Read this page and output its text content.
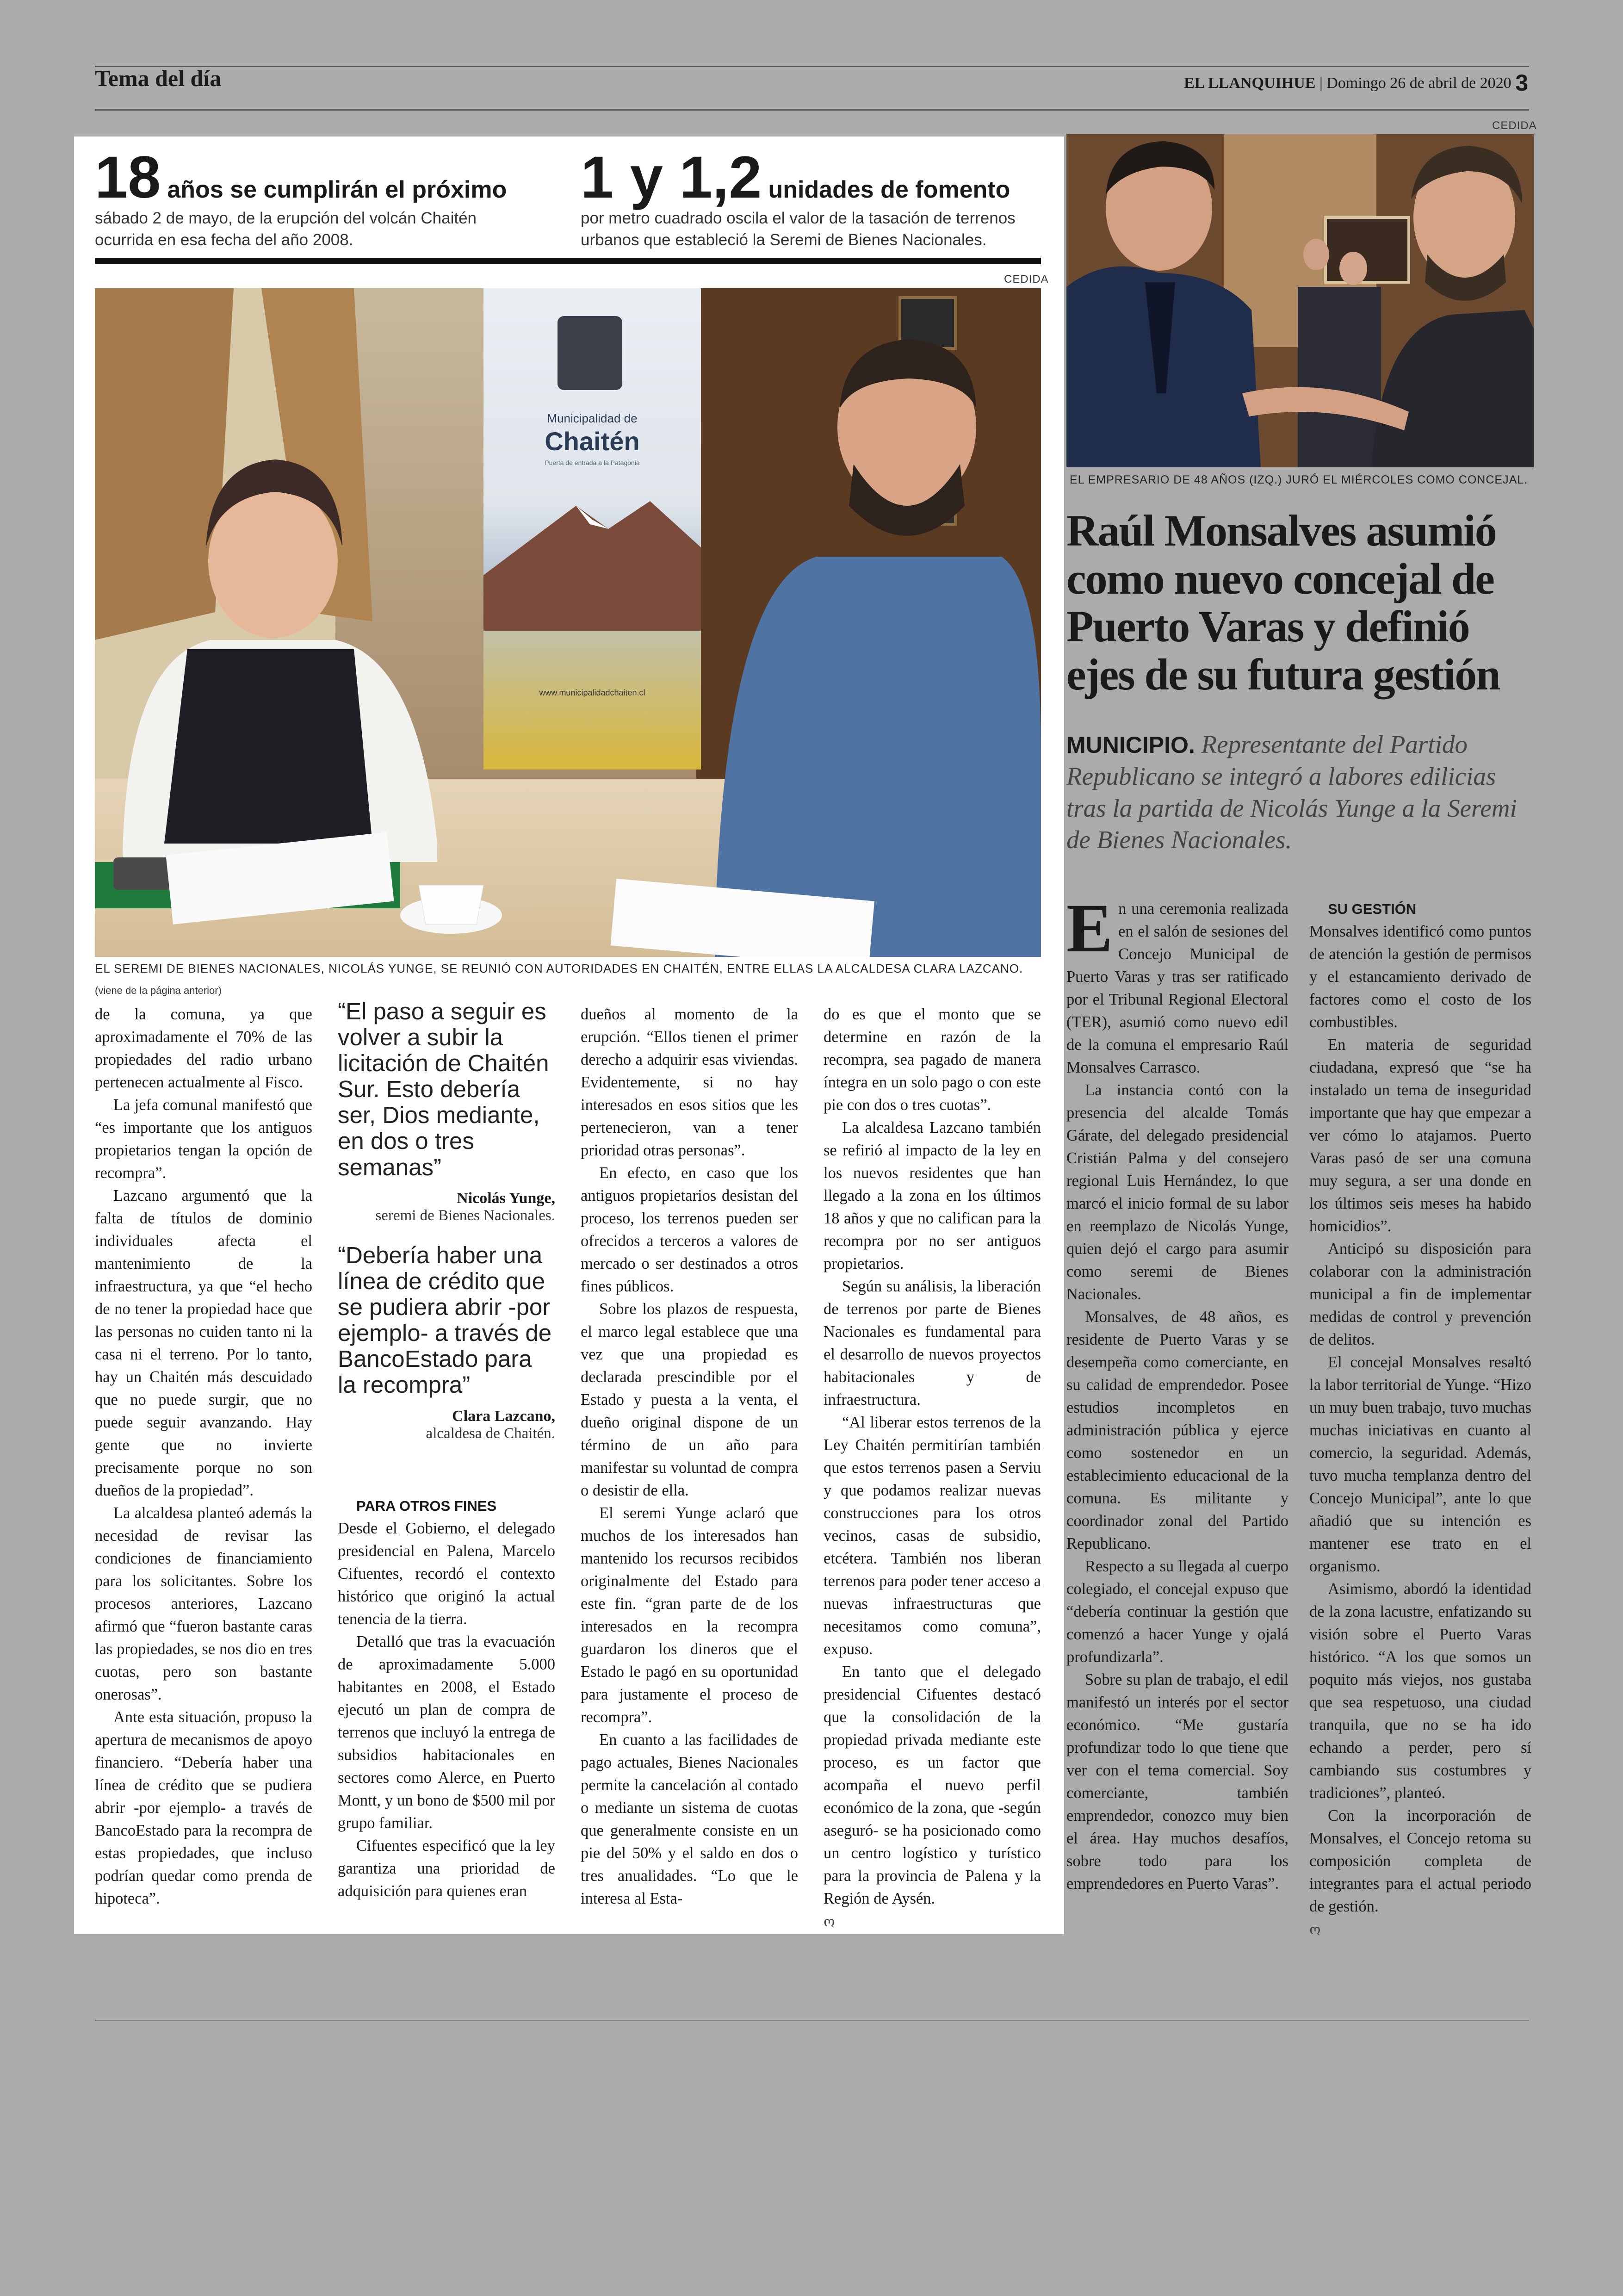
Tema del día	EL LLANQUIHUE | Domingo 26 de abril de 2020 3
18 años se cumplirán el próximo
sábado 2 de mayo, de la erupción del volcán Chaitén ocurrida en esa fecha del año 2008.
1 y 1,2 unidades de fomento
por metro cuadrado oscila el valor de la tasación de terrenos urbanos que estableció la Seremi de Bienes Nacionales.
CEDIDA
Municipalidad de
Chaitén
Puerta de entrada a la Patagonia
www.municipalidadchaiten.cl
EL SEREMI DE BIENES NACIONALES, NICOLÁS YUNGE, SE REUNIÓ CON AUTORIDADES EN CHAITÉN, ENTRE ELLAS LA ALCALDESA CLARA LAZCANO.
(viene de la página anterior)

de la comuna, ya que aproximadamente el 70% de las propiedades del radio urbano pertenecen actualmente al Fisco.

La jefa comunal manifestó que “es importante que los antiguos propietarios tengan la opción de recompra”.

Lazcano argumentó que la falta de títulos de dominio individuales afecta el mantenimiento de la infraestructura, ya que “el hecho de no tener la propiedad hace que las personas no cuiden tanto ni la casa ni el terreno. Por lo tanto, hay un Chaitén más descuidado que no puede surgir, que no puede seguir avanzando. Hay gente que no invierte precisamente porque no son dueños de la propiedad”.

La alcaldesa planteó además la necesidad de revisar las condiciones de financiamiento para los solicitantes. Sobre los procesos anteriores, Lazcano afirmó que “fueron bastante caras las propiedades, se nos dio en tres cuotas, pero son bastante onerosas”.

Ante esta situación, propuso la apertura de mecanismos de apoyo financiero. “Debería haber una línea de crédito que se pudiera abrir -por ejemplo- a través de BancoEstado para la recompra de estas propiedades, que incluso podrían quedar como prenda de hipoteca”.

“El paso a seguir es volver a subir la licitación de Chaitén Sur. Esto debería ser, Dios mediante, en dos o tres semanas”
Nicolás Yunge,
seremi de Bienes Nacionales.
“Debería haber una línea de crédito que se pudiera abrir -por ejemplo- a través de BancoEstado para la recompra”
Clara Lazcano,
alcaldesa de Chaitén.

PARA OTROS FINES

Desde el Gobierno, el delegado presidencial en Palena, Marcelo Cifuentes, recordó el contexto histórico que originó la actual tenencia de la tierra.

Detalló que tras la evacuación de aproximadamente 5.000 habitantes en 2008, el Estado ejecutó un plan de compra de terrenos que incluyó la entrega de subsidios habitacionales en sectores como Alerce, en Puerto Montt, y un bono de $500 mil por grupo familiar.

Cifuentes especificó que la ley garantiza una prioridad de adquisición para quienes eran

dueños al momento de la erupción. “Ellos tienen el primer derecho a adquirir esas viviendas. Evidentemente, si no hay interesados en esos sitios que les pertenecieron, van a tener prioridad otras personas”.

En efecto, en caso que los antiguos propietarios desistan del proceso, los terrenos pueden ser ofrecidos a terceros a valores de mercado o ser destinados a otros fines públicos.

Sobre los plazos de respuesta, el marco legal establece que una vez que una propiedad es declarada prescindible por el Estado y puesta a la venta, el dueño original dispone de un término de un año para manifestar su voluntad de compra o desistir de ella.

El seremi Yunge aclaró que muchos de los interesados han mantenido los recursos recibidos originalmente del Estado para este fin. “gran parte de de los interesados en la recompra guardaron los dineros que el Estado le pagó en su oportunidad para justamente el proceso de recompra”.

En cuanto a las facilidades de pago actuales, Bienes Nacionales permite la cancelación al contado o mediante un sistema de cuotas que generalmente consiste en un pie del 50% y el saldo en dos o tres anualidades. “Lo que le interesa al Esta-

do es que el monto que se determine en razón de la recompra, sea pagado de manera íntegra en un solo pago o con este pie con dos o tres cuotas”.

La alcaldesa Lazcano también se refirió al impacto de la ley en los nuevos residentes que han llegado a la zona en los últimos 18 años y que no califican para la recompra por no ser antiguos propietarios.

Según su análisis, la liberación de terrenos por parte de Bienes Nacionales es fundamental para el desarrollo de nuevos proyectos habitacionales y de infraestructura.

“Al liberar estos terrenos de la Ley Chaitén permitirían también que estos terrenos pasen a Serviu y que podamos realizar nuevas construcciones para los otros vecinos, casas de subsidio, etcétera. También nos liberan terrenos para poder tener acceso a nuevas infraestructuras que necesitamos como comuna”, expuso.

En tanto que el delegado presidencial Cifuentes destacó que la consolidación de la propiedad privada mediante este proceso, es un factor que acompaña el nuevo perfil económico de la zona, que -según aseguró- se ha posicionado como un centro logístico y turístico para la provincia de Palena y la Región de Aysén.

ო
CEDIDA
EL EMPRESARIO DE 48 AÑOS (IZQ.) JURÓ EL MIÉRCOLES COMO CONCEJAL.
Raúl Monsalves asumió como nuevo concejal de Puerto Varas y definió ejes de su futura gestión
MUNICIPIO. Representante del Partido Republicano se integró a labores edilicias tras la partida de Nicolás Yunge a la Seremi de Bienes Nacionales.

En una ceremonia realizada en el salón de sesiones del Concejo Municipal de Puerto Varas y tras ser ratificado por el Tribunal Regional Electoral (TER), asumió como nuevo edil de la comuna el empresario Raúl Monsalves Carrasco.

La instancia contó con la presencia del alcalde Tomás Gárate, del delegado presidencial Cristián Palma y del consejero regional Luis Hernández, lo que marcó el inicio formal de su labor en reemplazo de Nicolás Yunge, quien dejó el cargo para asumir como seremi de Bienes Nacionales.

Monsalves, de 48 años, es residente de Puerto Varas y se desempeña como comerciante, en su calidad de emprendedor. Posee estudios incompletos en administración pública y ejerce como sostenedor en un establecimiento educacional de la comuna. Es militante y coordinador zonal del Partido Republicano.

Respecto a su llegada al cuerpo colegiado, el concejal expuso que “debería continuar la gestión que comenzó a hacer Yunge y ojalá profundizarla”.

Sobre su plan de trabajo, el edil manifestó un interés por el sector económico. “Me gustaría profundizar todo lo que tiene que ver con el tema comercial. Soy comerciante, también emprendedor, conozco muy bien el área. Hay muchos desafíos, sobre todo para los emprendedores en Puerto Varas”.

SU GESTIÓN

Monsalves identificó como puntos de atención la gestión de permisos y el estancamiento derivado de factores como el costo de los combustibles.

En materia de seguridad ciudadana, expresó que “se ha instalado un tema de inseguridad importante que hay que empezar a ver cómo lo atajamos. Puerto Varas pasó de ser una comuna muy segura, a ser una donde en los últimos seis meses ha habido homicidios”.

Anticipó su disposición para colaborar con la administración municipal a fin de implementar medidas de control y prevención de delitos.

El concejal Monsalves resaltó la labor territorial de Yunge. “Hizo un muy buen trabajo, tuvo muchas muchas iniciativas en cuanto al comercio, la seguridad. Además, tuvo mucha templanza dentro del Concejo Municipal”, ante lo que añadió que su intención es mantener ese trato en el organismo.

Asimismo, abordó la identidad de la zona lacustre, enfatizando su visión sobre el Puerto Varas histórico. “A los que somos un poquito más viejos, nos gustaba que sea respetuoso, una ciudad tranquila, que no se ha ido echando a perder, pero sí cambiando sus costumbres y tradiciones”, planteó.

Con la incorporación de Monsalves, el Concejo retoma su composición completa de integrantes para el actual periodo de gestión.

ო
